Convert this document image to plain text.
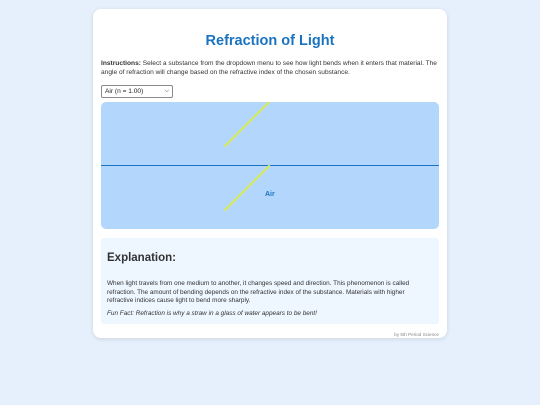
Refraction of Light

Instructions: Select a substance from the dropdown menu to see how light bends when it enters that material. The angle of refraction will change based on the refractive index of the chosen substance.

Air (n = 1.00)	⌵
Air
Explanation:

When light travels from one medium to another, it changes speed and direction. This phenomenon is called refraction. The amount of bending depends on the refractive index of the substance. Materials with higher refractive indices cause light to bend more sharply.

Fun Fact: Refraction is why a straw in a glass of water appears to be bent!

by 5th Period Science
